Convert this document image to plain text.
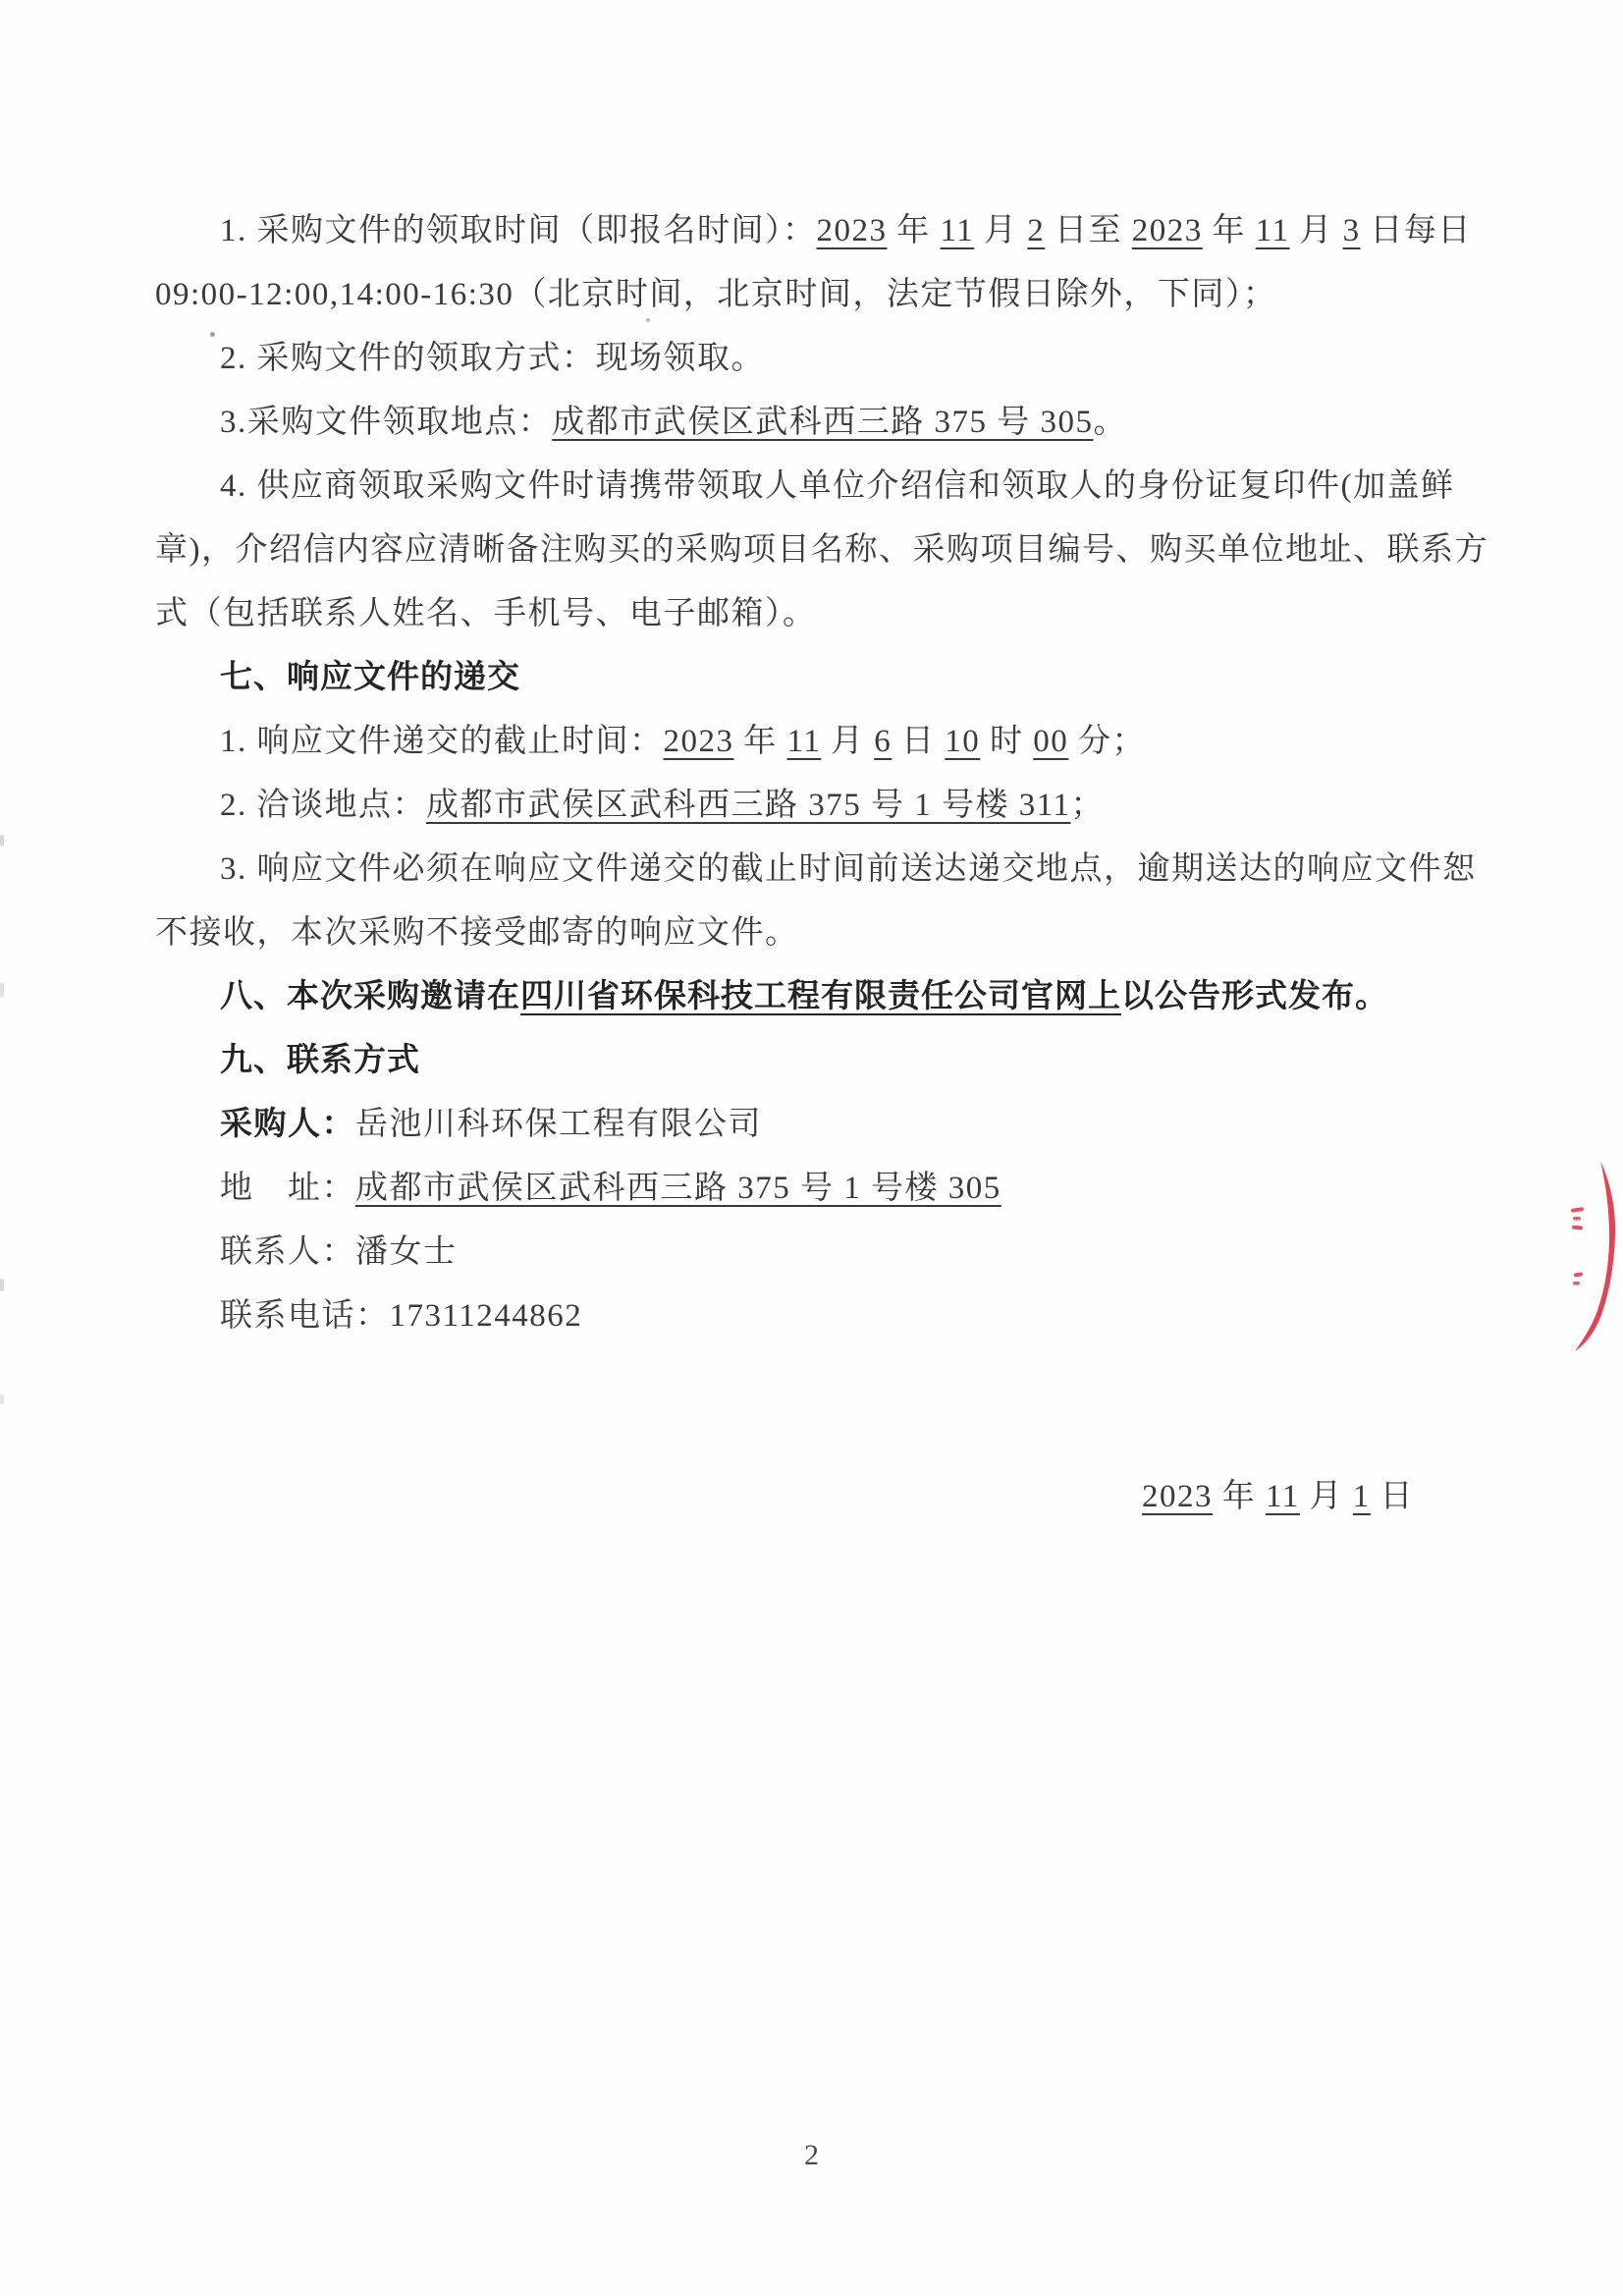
1. 采购文件的领取时间（即报名时间）：2023 年 11 月 2 日至 2023 年 11 月 3 日每日
09:00-12:00,14:00-16:30（北京时间，北京时间，法定节假日除外，下同）；
2. 采购文件的领取方式：现场领取。
3.采购文件领取地点：成都市武侯区武科西三路 375 号 305。
4. 供应商领取采购文件时请携带领取人单位介绍信和领取人的身份证复印件(加盖鲜
章)，介绍信内容应清晰备注购买的采购项目名称、采购项目编号、购买单位地址、联系方
式（包括联系人姓名、手机号、电子邮箱）。
七、响应文件的递交
1. 响应文件递交的截止时间：2023 年 11 月 6 日 10 时 00 分；
2. 洽谈地点：成都市武侯区武科西三路 375 号 1 号楼 311；
3. 响应文件必须在响应文件递交的截止时间前送达递交地点，逾期送达的响应文件恕
不接收，本次采购不接受邮寄的响应文件。
八、本次采购邀请在四川省环保科技工程有限责任公司官网上以公告形式发布。
九、联系方式
采购人：岳池川科环保工程有限公司
地　址：成都市武侯区武科西三路 375 号 1 号楼 305
联系人：潘女士
联系电话：17311244862
2023 年 11 月 1 日
2
